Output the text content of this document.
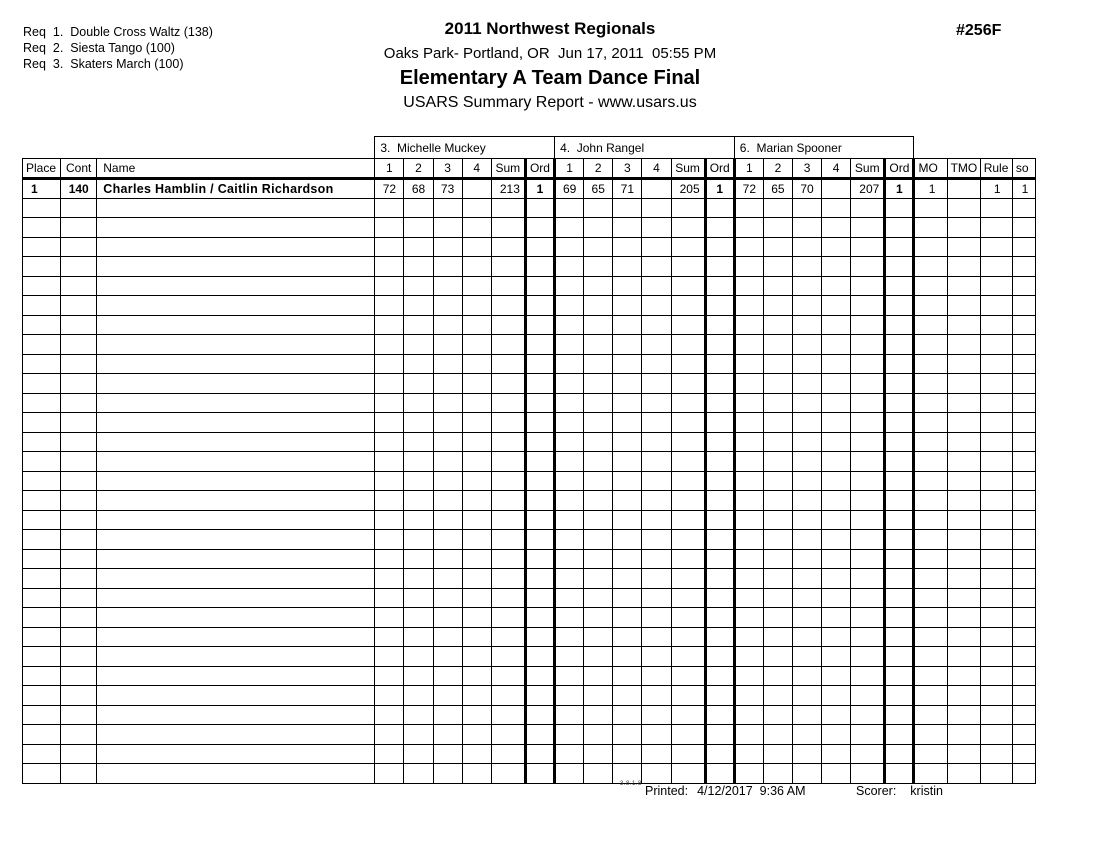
Req  1.  Double Cross Waltz (138)
Req  2.  Siesta Tango (100)
Req  3.  Skaters March (100)
2011 Northwest Regionals
Oaks Park- Portland, OR  Jun 17, 2011  05:55 PM
Elementary A Team Dance Final
USARS Summary Report - www.usars.us
#256F
			3.  Michelle Muckey						4.  John Rangel						6.  Marian Spooner									
Place	Cont	Name	1	2	3	4	Sum	Ord	1	2	3	4	Sum	Ord	1	2	3	4	Sum	Ord	MO	TMO	Rule	so
1	140	Charles Hamblin / Caitlin Richardson	72	68	73		213	1	69	65	71		205	1	72	65	70		207	1	1		1	1

3.8.1.8 Printed: 4/12/2017  9:36 AM	Scorer: kristin
